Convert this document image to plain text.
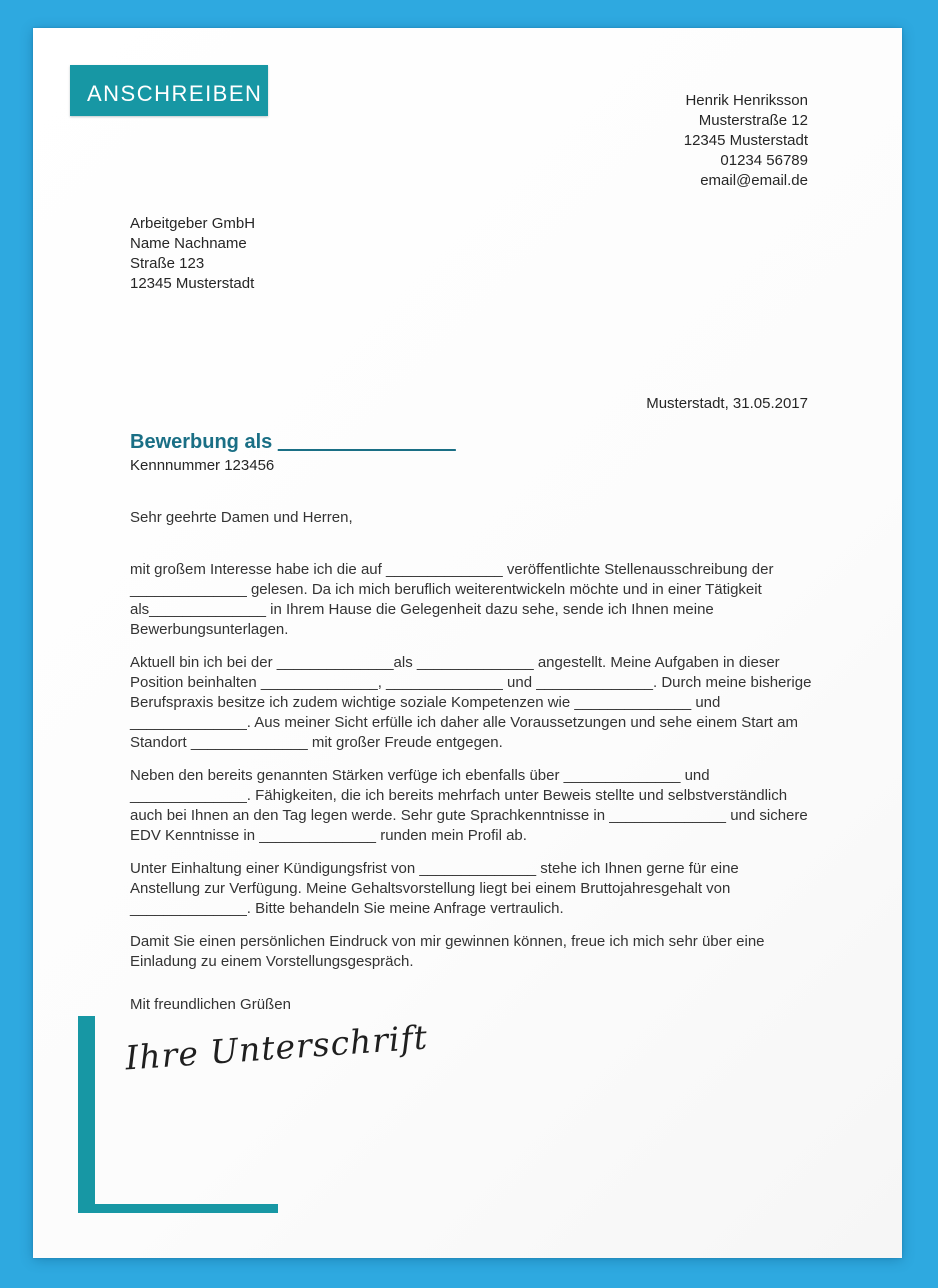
anschreiben	Henrik Henriksson
Musterstraße 12
12345 Musterstadt
01234 56789
email@email.de
Arbeitgeber GmbH
Name Nachname
Straße 123
12345 Musterstadt
Musterstadt, 31.05.2017
Bewerbung als ________________
Kennnummer 123456
Sehr geehrte Damen und Herren,

mit großem Interesse habe ich die auf ______________ veröffentlichte Stellenausschreibung der ______________ gelesen. Da ich mich beruflich weiterentwickeln möchte und in einer Tätigkeit als______________ in Ihrem Hause die Gelegenheit dazu sehe, sende ich Ihnen meine Bewerbungsunterlagen.

Aktuell bin ich bei der ______________als ______________ angestellt. Meine Aufgaben in dieser Position beinhalten ______________, ______________ und ______________. Durch meine bisherige Berufspraxis besitze ich zudem wichtige soziale Kompetenzen wie ______________ und ______________. Aus meiner Sicht erfülle ich daher alle Voraussetzungen und sehe einem Start am Standort ______________ mit großer Freude entgegen.

Neben den bereits genannten Stärken verfüge ich ebenfalls über ______________ und ______________. Fähigkeiten, die ich bereits mehrfach unter Beweis stellte und selbstverständlich auch bei Ihnen an den Tag legen werde. Sehr gute Sprachkenntnisse in ______________ und sichere EDV Kenntnisse in ______________ runden mein Profil ab.

Unter Einhaltung einer Kündigungsfrist von ______________ stehe ich Ihnen gerne für eine Anstellung zur Verfügung. Meine Gehaltsvorstellung liegt bei einem Bruttojahresgehalt von ______________. Bitte behandeln Sie meine Anfrage vertraulich.

Damit Sie einen persönlichen Eindruck von mir gewinnen können, freue ich mich sehr über eine Einladung zu einem Vorstellungsgespräch.

Mit freundlichen Grüßen
Ihre Unterschrift
